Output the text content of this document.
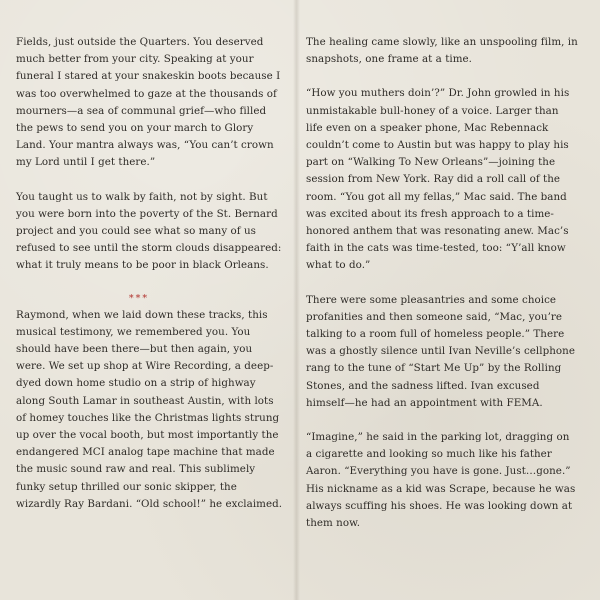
Fields, just outside the Quarters. You deserved much better from your city. Speaking at your funeral I stared at your snakeskin boots because I was too overwhelmed to gaze at the thousands of mourners—a sea of communal grief—who filled the pews to send you on your march to Glory Land. Your mantra always was, “You can’t crown my Lord until I get there.”

You taught us to walk by faith, not by sight. But you were born into the poverty of the St. Bernard project and you could see what so many of us refused to see until the storm clouds disappeared: what it truly means to be poor in black Orleans.

***

Raymond, when we laid down these tracks, this musical testimony, we remembered you. You should have been there—but then again, you were. We set up shop at Wire Recording, a deep-dyed down home studio on a strip of highway along South Lamar in southeast Austin, with lots of homey touches like the Christmas lights strung up over the vocal booth, but most importantly the endangered MCI analog tape machine that made the music sound raw and real. This sublimely funky setup thrilled our sonic skipper, the wizardly Ray Bardani. “Old school!” he exclaimed.

The healing came slowly, like an unspooling film, in snapshots, one frame at a time.

“How you muthers doin’?” Dr. John growled in his unmistakable bull-honey of a voice. Larger than life even on a speaker phone, Mac Rebennack couldn’t come to Austin but was happy to play his part on “Walking To New Orleans”—joining the session from New York. Ray did a roll call of the room. “You got all my fellas,” Mac said. The band was excited about its fresh approach to a time-honored anthem that was resonating anew. Mac’s faith in the cats was time-tested, too: “Y’all know what to do.”

There were some pleasantries and some choice profanities and then someone said, “Mac, you’re talking to a room full of homeless people.” There was a ghostly silence until Ivan Neville’s cellphone rang to the tune of “Start Me Up” by the Rolling Stones, and the sadness lifted. Ivan excused himself—he had an appointment with FEMA.

“Imagine,” he said in the parking lot, dragging on a cigarette and looking so much like his father Aaron. “Everything you have is gone. Just…gone.” His nickname as a kid was Scrape, because he was always scuffing his shoes. He was looking down at them now.
